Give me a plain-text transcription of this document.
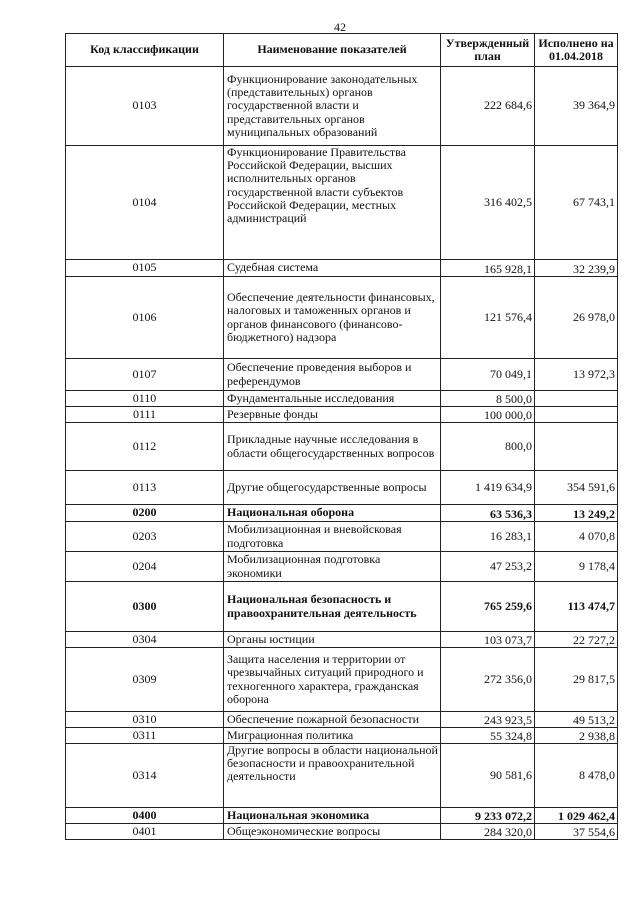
42
Код классификации	Наименование показателей	Утвержденный план	Исполнено на 01.04.2018
0103	Функционирование законодательных (представительных) органов государственной власти и представительных органов муниципальных образований	222 684,6	39 364,9
0104	Функционирование Правительства Российской Федерации, высших исполнительных органов государственной власти субъектов Российской Федерации, местных администраций	316 402,5	67 743,1
0105	Судебная система	165 928,1	32 239,9
0106	Обеспечение деятельности финансовых, налоговых и таможенных органов и органов финансового (финансово-бюджетного) надзора	121 576,4	26 978,0
0107	Обеспечение проведения выборов и референдумов	70 049,1	13 972,3
0110	Фундаментальные исследования	8 500,0	
0111	Резервные фонды	100 000,0	
0112	Прикладные научные исследования в области общегосударственных вопросов	800,0	
0113	Другие общегосударственные вопросы	1 419 634,9	354 591,6
0200	Национальная оборона	63 536,3	13 249,2
0203	Мобилизационная и вневойсковая подготовка	16 283,1	4 070,8
0204	Мобилизационная подготовка экономики	47 253,2	9 178,4
0300	Национальная безопасность и правоохранительная деятельность	765 259,6	113 474,7
0304	Органы юстиции	103 073,7	22 727,2
0309	Защита населения и территории от чрезвычайных ситуаций природного и техногенного характера, гражданская оборона	272 356,0	29 817,5
0310	Обеспечение пожарной безопасности	243 923,5	49 513,2
0311	Миграционная политика	55 324,8	2 938,8
0314	Другие вопросы в области национальной безопасности и правоохранительной деятельности	90 581,6	8 478,0
0400	Национальная экономика	9 233 072,2	1 029 462,4
0401	Общеэкономические вопросы	284 320,0	37 554,6
